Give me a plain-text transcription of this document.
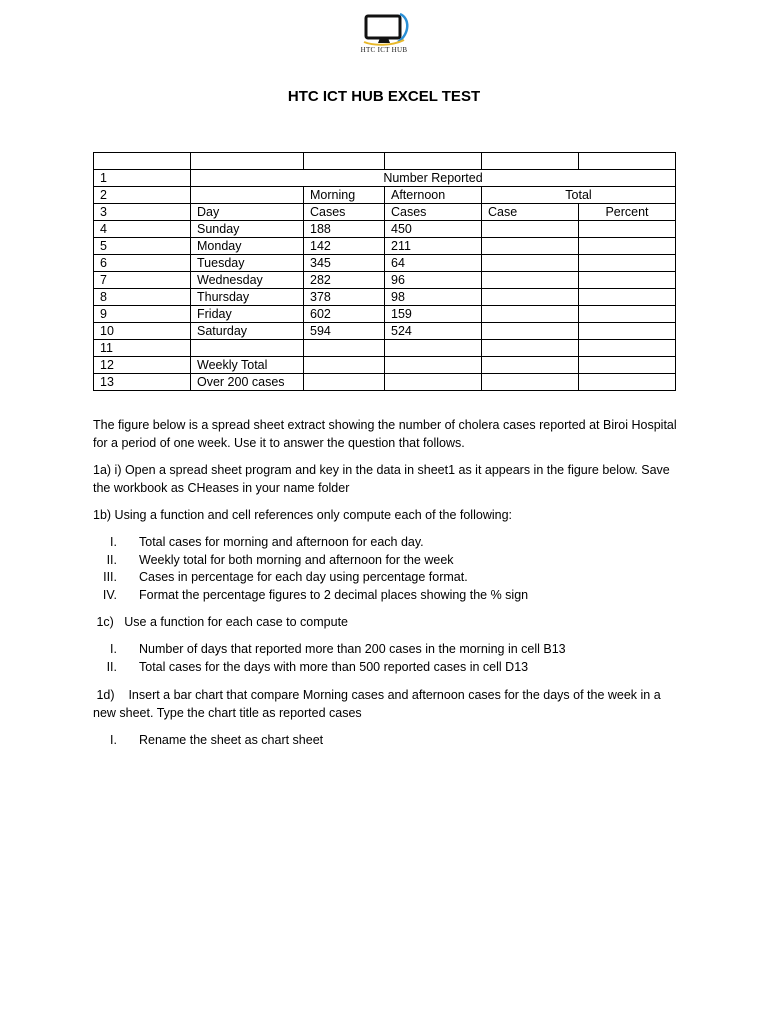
HTC ICT HUB
HTC ICT HUB EXCEL TEST

1	Number Reported				
2		Morning	Afternoon	Total	
3	Day	Cases	Cases	Case	Percent
4	Sunday	188	450		
5	Monday	142	211		
6	Tuesday	345	64		
7	Wednesday	282	96		
8	Thursday	378	98		
9	Friday	602	159		
10	Saturday	594	524		
11					
12	Weekly Total				
13	Over 200 cases				
The figure below is a spread sheet extract showing the number of cholera cases reported at Biroi Hospital for a period of one week. Use it to answer the question that follows.
1a) i) Open a spread sheet program and key in the data in sheet1 as it appears in the figure below. Save the workbook as CHeases in your name folder
1b) Using a function and cell references only compute each of the following:
I. Total cases for morning and afternoon for each day.
II. Weekly total for both morning and afternoon for the week
III. Cases in percentage for each day using percentage format.
IV. Format the percentage figures to 2 decimal places showing the % sign
1c)   Use a function for each case to compute
I. Number of days that reported more than 200 cases in the morning in cell B13
II. Total cases for the days with more than 500 reported cases in cell D13
1d)    Insert a bar chart that compare Morning cases and afternoon cases for the days of the week in a new sheet. Type the chart title as reported cases
I. Rename the sheet as chart sheet
